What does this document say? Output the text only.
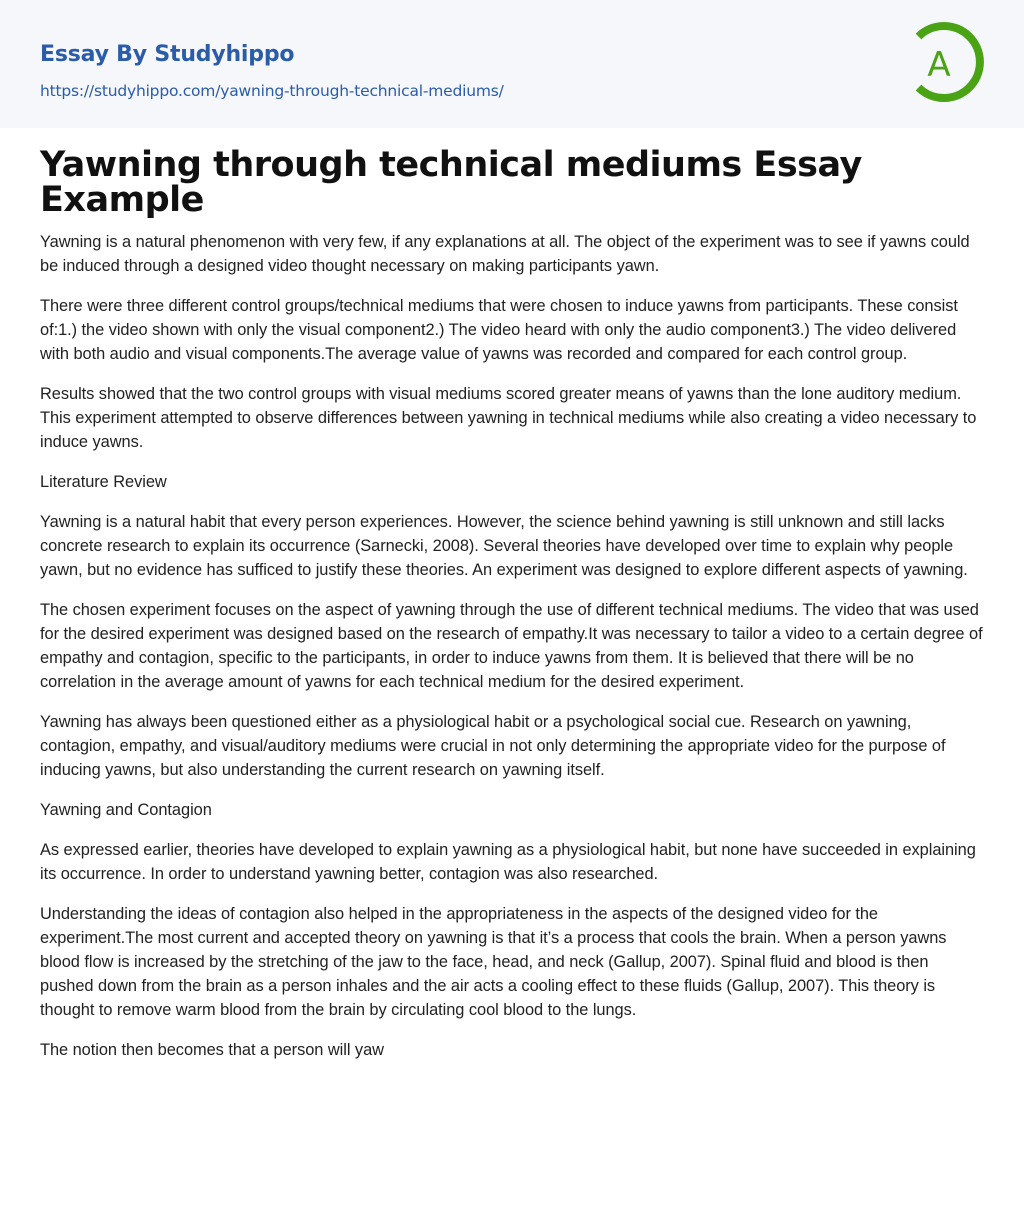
Essay By Studyhippo
https://studyhippo.com/yawning-through-technical-mediums/
A
Yawning through technical mediums Essay Example

Yawning is a natural phenomenon with very few, if any explanations at all. The object of the experiment was to see if yawns could be induced through a designed video thought necessary on making participants yawn.

There were three different control groups/technical mediums that were chosen to induce yawns from participants. These consist of:1.) the video shown with only the visual component2.) The video heard with only the audio component3.) The video delivered with both audio and visual components.The average value of yawns was recorded and compared for each control group.

Results showed that the two control groups with visual mediums scored greater means of yawns than the lone auditory medium. This experiment attempted to observe differences between yawning in technical mediums while also creating a video necessary to induce yawns.

Literature Review

Yawning is a natural habit that every person experiences. However, the science behind yawning is still unknown and still lacks concrete research to explain its occurrence (Sarnecki, 2008). Several theories have developed over time to explain why people yawn, but no evidence has sufficed to justify these theories. An experiment was designed to explore different aspects of yawning.

The chosen experiment focuses on the aspect of yawning through the use of different technical mediums. The video that was used for the desired experiment was designed based on the research of empathy.It was necessary to tailor a video to a certain degree of empathy and contagion, specific to the participants, in order to induce yawns from them. It is believed that there will be no correlation in the average amount of yawns for each technical medium for the desired experiment.

Yawning has always been questioned either as a physiological habit or a psychological social cue. Research on yawning, contagion, empathy, and visual/auditory mediums were crucial in not only determining the appropriate video for the purpose of inducing yawns, but also understanding the current research on yawning itself.

Yawning and Contagion

As expressed earlier, theories have developed to explain yawning as a physiological habit, but none have succeeded in explaining its occurrence. In order to understand yawning better, contagion was also researched.

Understanding the ideas of contagion also helped in the appropriateness in the aspects of the designed video for the experiment.The most current and accepted theory on yawning is that it’s a process that cools the brain. When a person yawns blood flow is increased by the stretching of the jaw to the face, head, and neck (Gallup, 2007). Spinal fluid and blood is then pushed down from the brain as a person inhales and the air acts a cooling effect to these fluids (Gallup, 2007). This theory is thought to remove warm blood from the brain by circulating cool blood to the lungs.

The notion then becomes that a person will yaw
